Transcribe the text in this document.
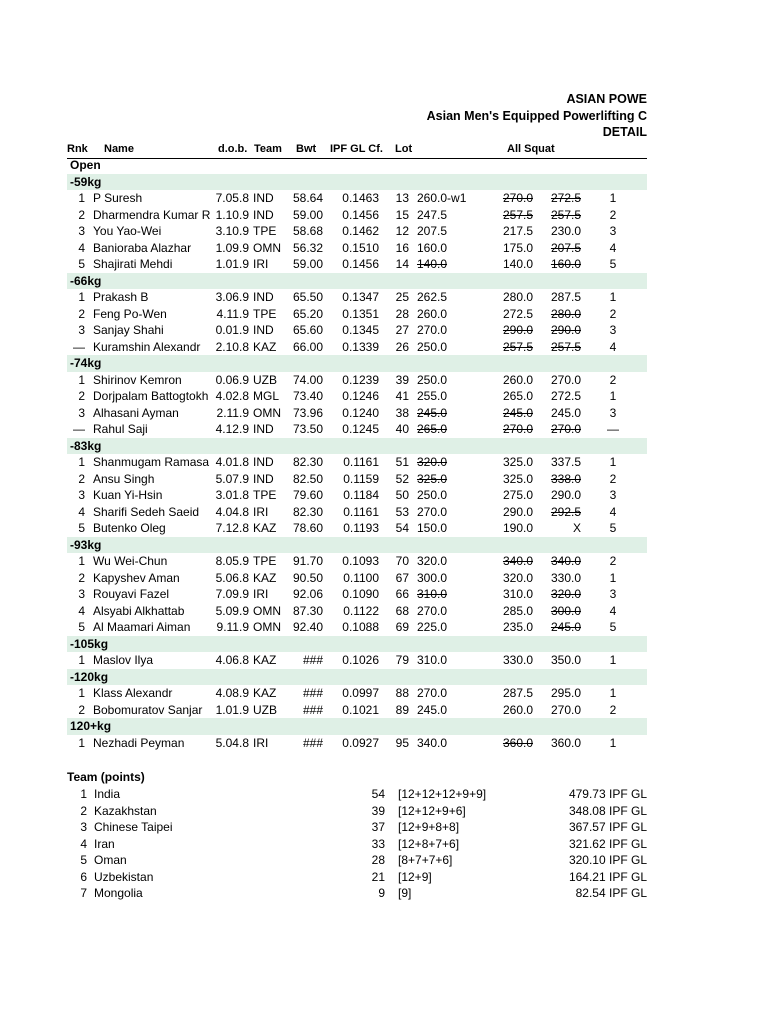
ASIAN POWE
Asian Men's Equipped Powerlifting C
DETAIL
Rnk Name	d.o.b. Team Bwt IPF GL Cf. Lot	All Squat
Open
-59kg
1 P Suresh	7.05.8 IND	58.64	0.1463	13 260.0-w1	270.0	272.5	1
2 Dharmendra Kumar R 1.10.9 IND	59.00	0.1456	15 247.5	257.5	257.5	2
3 You Yao-Wei	3.10.9 TPE	58.68	0.1462	12 207.5	217.5	230.0	3
4 Banioraba Alazhar	1.09.9 OMN 56.32	0.1510	16 160.0	175.0	207.5	4
5 Shajirati Mehdi	1.01.9 IRI	59.00	0.1456	14 140.0	140.0	160.0	5
-66kg
1 Prakash B	3.06.9 IND	65.50	0.1347	25 262.5	280.0	287.5	1
2 Feng Po-Wen	4.11.9 TPE	65.20	0.1351	28 260.0	272.5	280.0	2
3 Sanjay Shahi	0.01.9 IND	65.60	0.1345	27 270.0	290.0	290.0	3
— Kuramshin Alexandr	2.10.8 KAZ	66.00	0.1339	26 250.0	257.5	257.5	4
-74kg
1 Shirinov Kemron	0.06.9 UZB	74.00	0.1239	39 250.0	260.0	270.0	2
2 Dorjpalam Battogtokh 4.02.8 MGL	73.40	0.1246	41 255.0	265.0	272.5	1
3 Alhasani Ayman	2.11.9 OMN 73.96	0.1240	38 245.0	245.0	245.0	3
— Rahul Saji	4.12.9 IND	73.50	0.1245	40 265.0	270.0	270.0	—
-83kg
1 Shanmugam Ramasa 4.01.8 IND	82.30	0.1161	51 320.0	325.0	337.5	1
2 Ansu Singh	5.07.9 IND	82.50	0.1159	52 325.0	325.0	338.0	2
3 Kuan Yi-Hsin	3.01.8 TPE	79.60	0.1184	50 250.0	275.0	290.0	3
4 Sharifi Sedeh Saeid	4.04.8 IRI	82.30	0.1161	53 270.0	290.0	292.5	4
5 Butenko Oleg	7.12.8 KAZ	78.60	0.1193	54 150.0	190.0	X	5
-93kg
1 Wu Wei-Chun	8.05.9 TPE	91.70	0.1093	70 320.0	340.0	340.0	2
2 Kapyshev Aman	5.06.8 KAZ	90.50	0.1100	67 300.0	320.0	330.0	1
3 Rouyavi Fazel	7.09.9 IRI	92.06	0.1090	66 310.0	310.0	320.0	3
4 Alsyabi Alkhattab	5.09.9 OMN 87.30	0.1122	68 270.0	285.0	300.0	4
5 Al Maamari Aiman	9.11.9 OMN 92.40	0.1088	69 225.0	235.0	245.0	5
-105kg
1 Maslov Ilya	4.06.8 KAZ	###	0.1026	79 310.0	330.0	350.0	1
-120kg
1 Klass Alexandr	4.08.9 KAZ	###	0.0997	88 270.0	287.5	295.0	1
2 Bobomuratov Sanjar	1.01.9 UZB	###	0.1021	89 245.0	260.0	270.0	2
120+kg
1 Nezhadi Peyman	5.04.8 IRI	###	0.0927	95 340.0	360.0	360.0	1
Team (points)
1 India	54 [12+12+12+9+9]	479.73 IPF GL
2 Kazakhstan	39 [12+12+9+6]	348.08 IPF GL
3 Chinese Taipei	37 [12+9+8+8]	367.57 IPF GL
4 Iran	33 [12+8+7+6]	321.62 IPF GL
5 Oman	28 [8+7+7+6]	320.10 IPF GL
6 Uzbekistan	21 [12+9]	164.21 IPF GL
7 Mongolia	9 [9]	82.54 IPF GL
